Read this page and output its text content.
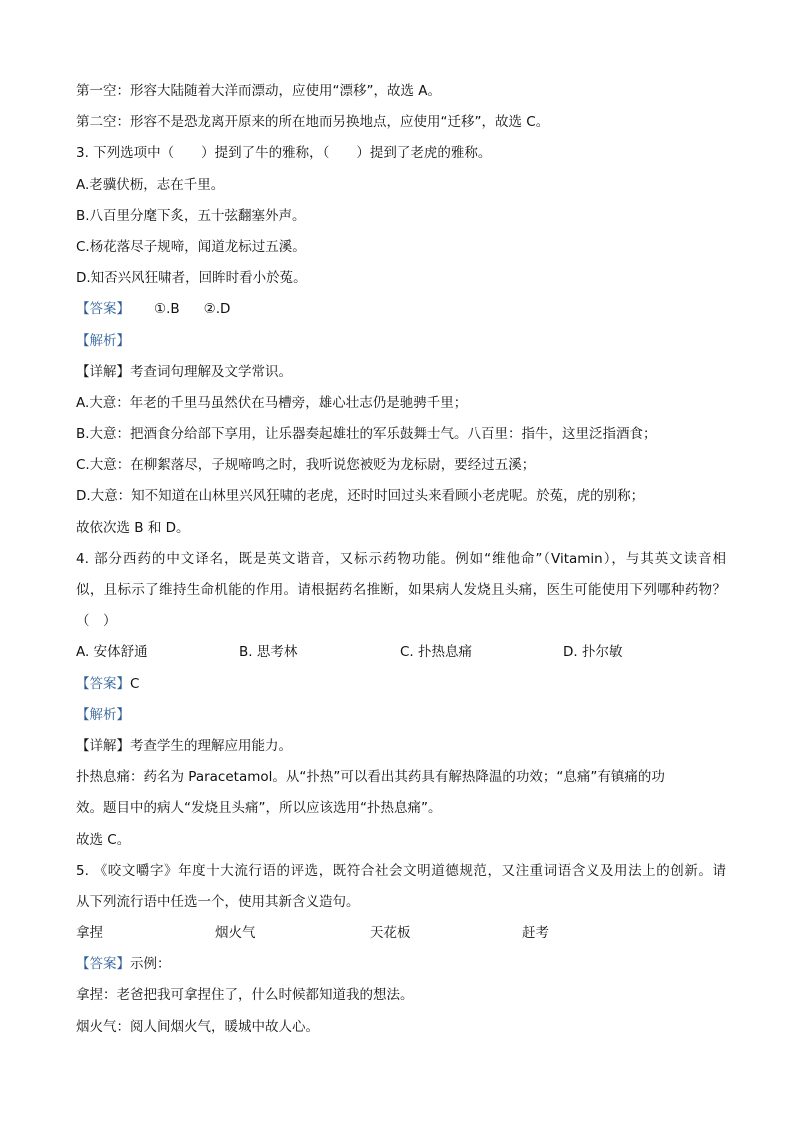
第一空：形容大陆随着大洋而漂动，应使用“漂移”，故选 A。
第二空：形容不是恐龙离开原来的所在地而另换地点，应使用“迁移”，故选 C。
3. 下列选项中（　　）提到了牛的雅称，（　　）提到了老虎的雅称。
A.老骥伏枥，志在千里。
B.八百里分麾下炙，五十弦翻塞外声。
C.杨花落尽子规啼，闻道龙标过五溪。
D.知否兴风狂啸者，回眸时看小於菟。
【答案】 ①.B ②.D
【解析】
【详解】考查词句理解及文学常识。
A.大意：年老的千里马虽然伏在马槽旁，雄心壮志仍是驰骋千里；
B.大意：把酒食分给部下享用，让乐器奏起雄壮的军乐鼓舞士气。八百里：指牛，这里泛指酒食；
C.大意：在柳絮落尽，子规啼鸣之时，我听说您被贬为龙标尉，要经过五溪；
D.大意：知不知道在山林里兴风狂啸的老虎，还时时回过头来看顾小老虎呢。於菟，虎的别称；
故依次选 B 和 D。
4. 部分西药的中文译名，既是英文谐音，又标示药物功能。例如“维他命”（Vitamin），与其英文读音相
似，且标示了维持生命机能的作用。请根据药名推断，如果病人发烧且头痛，医生可能使用下列哪种药物？
（　）
A. 安体舒通	B. 思考林	C. 扑热息痛	D. 扑尔敏
【答案】C
【解析】
【详解】考查学生的理解应用能力。
扑热息痛：药名为 Paracetamol。从“扑热”可以看出其药具有解热降温的功效；“息痛”有镇痛的功
效。题目中的病人“发烧且头痛”，所以应该选用“扑热息痛”。
故选 C。
5. 《咬文嚼字》年度十大流行语的评选，既符合社会文明道德规范，又注重词语含义及用法上的创新。请
从下列流行语中任选一个，使用其新含义造句。
拿捏	烟火气	天花板	赶考
【答案】示例：
拿捏：老爸把我可拿捏住了，什么时候都知道我的想法。
烟火气：阅人间烟火气，暖城中故人心。
